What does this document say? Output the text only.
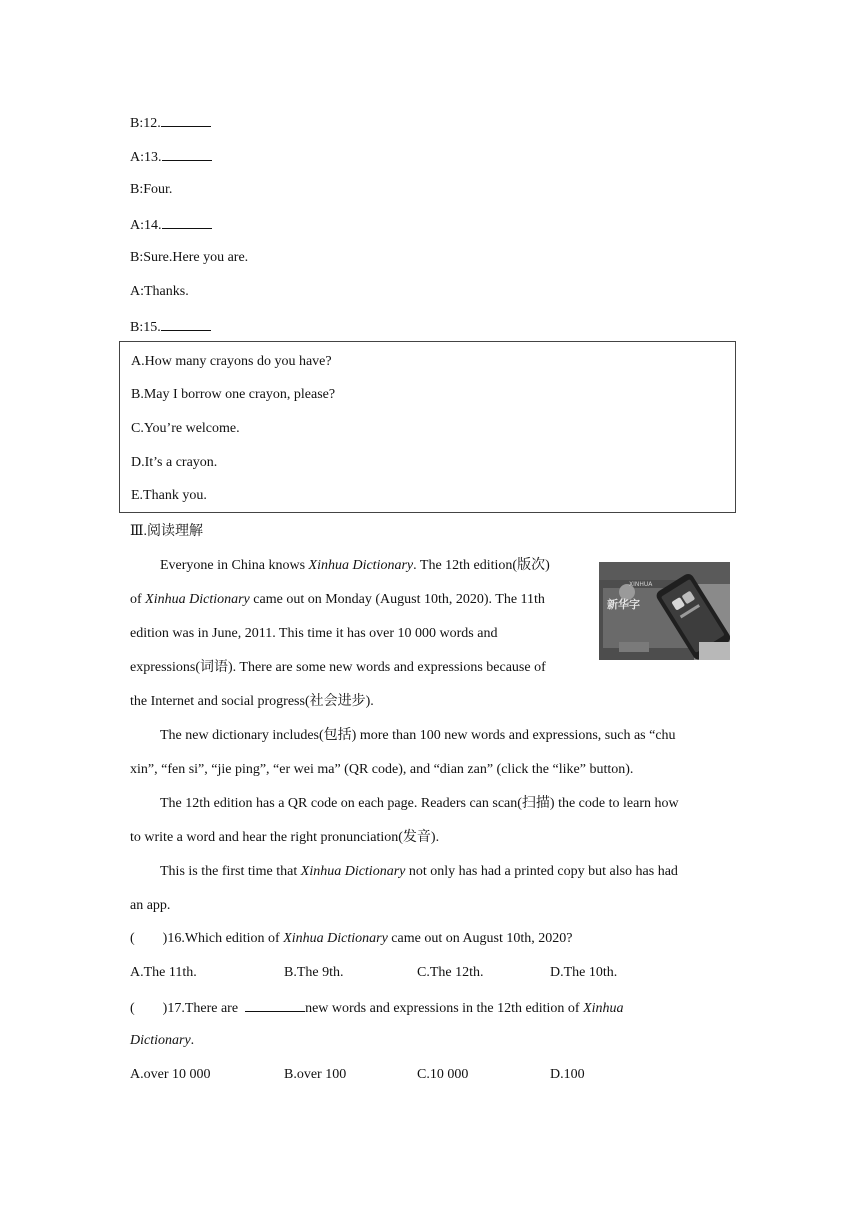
B:12.
A:13.
B:Four.
A:14.
B:Sure.Here you are.
A:Thanks.
B:15.
A.How many crayons do you have?
B.May I borrow one crayon, please?
C.You’re welcome.
D.It’s a crayon.
E.Thank you.
Ⅲ.阅读理解
Everyone in China knows Xinhua Dictionary. The 12th edition(版次)
of Xinhua Dictionary came out on Monday (August 10th, 2020). The 11th
edition was in June, 2011. This time it has over 10 000 words and
expressions(词语). There are some new words and expressions because of
the Internet and social progress(社会进步).
新华字
XINHUA
The new dictionary includes(包括) more than 100 new words and expressions, such as “chu
xin”, “fen si”, “jie ping”, “er wei ma” (QR code), and “dian zan” (click the “like” button).
The 12th edition has a QR code on each page. Readers can scan(扫描) the code to learn how
to write a word and hear the right pronunciation(发音).
This is the first time that Xinhua Dictionary not only has had a printed copy but also has had
an app.
(　　)16.Which edition of Xinhua Dictionary came out on August 10th, 2020?
A.The 11th.	B.The 9th.	C.The 12th.	D.The 10th.
(　　)17.There are	new words and expressions in the 12th edition of Xinhua
Dictionary.
A.over 10 000	B.over 100	C.10 000	D.100
